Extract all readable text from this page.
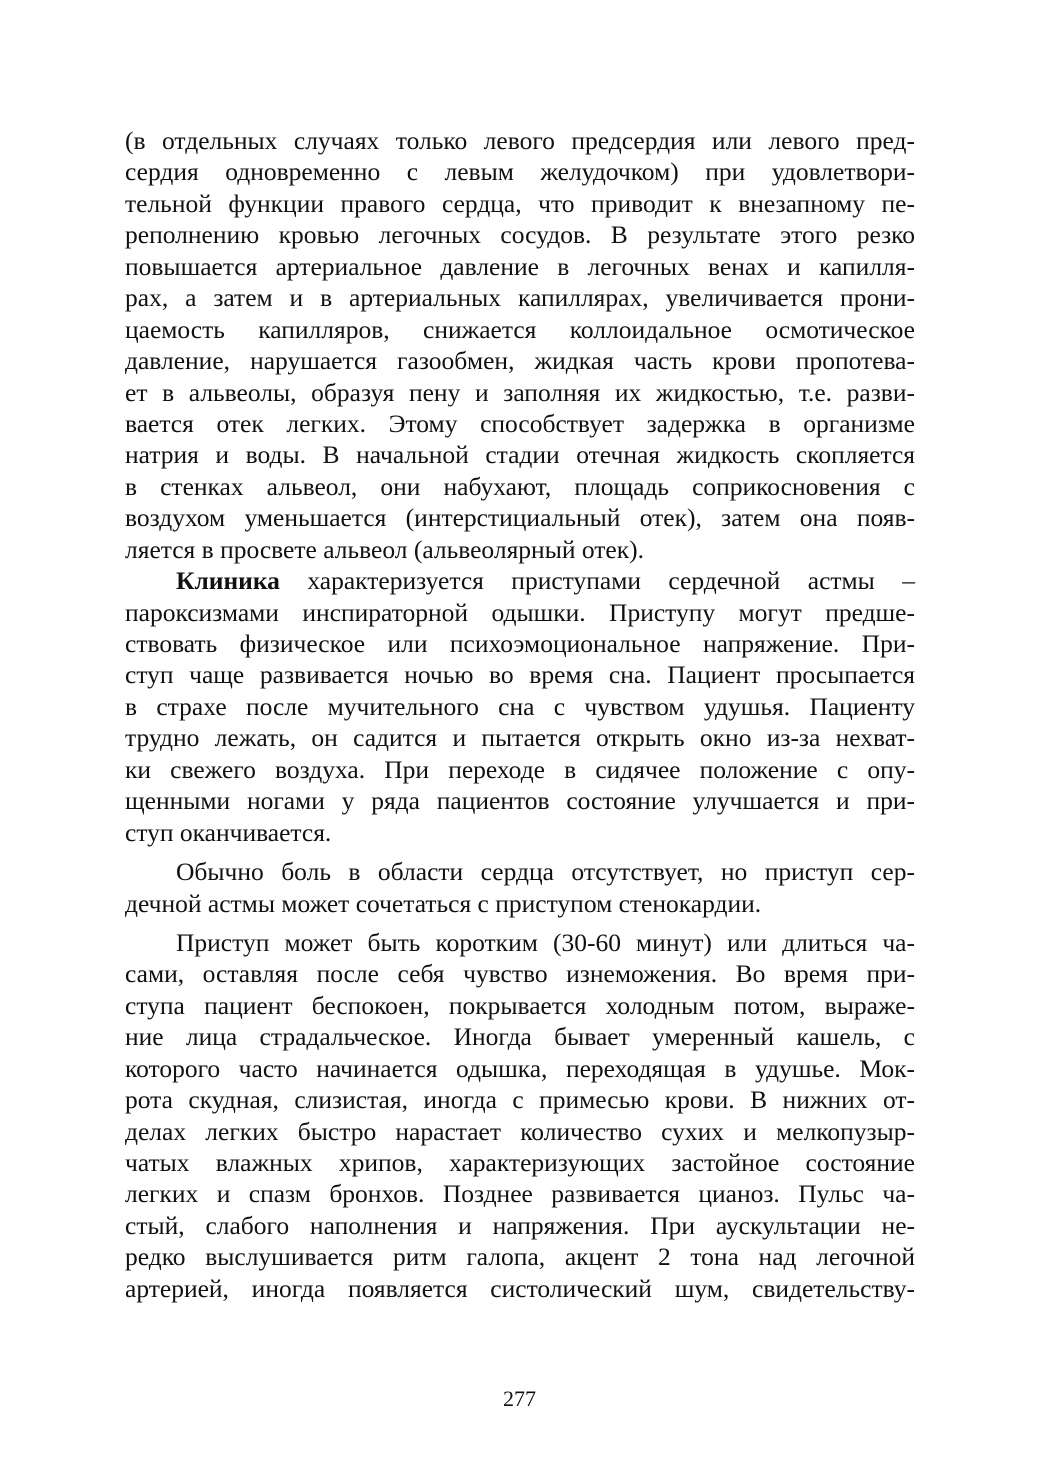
(в отдельных случаях только левого предсердия или левого пред-
сердия одновременно с левым желудочком) при удовлетвори-
тельной функции правого сердца, что приводит к внезапному пе-
реполнению кровью легочных сосудов. В результате этого резко
повышается артериальное давление в легочных венах и капилля-
рах, а затем и в артериальных капиллярах, увеличивается прони-
цаемость капилляров, снижается коллоидальное осмотическое
давление, нарушается газообмен, жидкая часть крови пропотева-
ет в альвеолы, образуя пену и заполняя их жидкостью, т.е. разви-
вается отек легких. Этому способствует задержка в организме
натрия и воды. В начальной стадии отечная жидкость скопляется
в стенках альвеол, они набухают, площадь соприкосновения с
воздухом уменьшается (интерстициальный отек), затем она появ-
ляется в просвете альвеол (альвеолярный отек).
Клиника характеризуется приступами сердечной астмы –
пароксизмами инспираторной одышки. Приступу могут предше-
ствовать физическое или психоэмоциональное напряжение. При-
ступ чаще развивается ночью во время сна. Пациент просыпается
в страхе после мучительного сна с чувством удушья. Пациенту
трудно лежать, он садится и пытается открыть окно из-за нехват-
ки свежего воздуха. При переходе в сидячее положение с опу-
щенными ногами у ряда пациентов состояние улучшается и при-
ступ оканчивается.
Обычно боль в области сердца отсутствует, но приступ сер-
дечной астмы может сочетаться с приступом стенокардии.
Приступ может быть коротким (30-60 минут) или длиться ча-
сами, оставляя после себя чувство изнеможения. Во время при-
ступа пациент беспокоен, покрывается холодным потом, выраже-
ние лица страдальческое. Иногда бывает умеренный кашель, с
которого часто начинается одышка, переходящая в удушье. Мок-
рота скудная, слизистая, иногда с примесью крови. В нижних от-
делах легких быстро нарастает количество сухих и мелкопузыр-
чатых влажных хрипов, характеризующих застойное состояние
легких и спазм бронхов. Позднее развивается цианоз. Пульс ча-
стый, слабого наполнения и напряжения. При аускультации не-
редко выслушивается ритм галопа, акцент 2 тона над легочной
артерией, иногда появляется систолический шум, свидетельству-
277
